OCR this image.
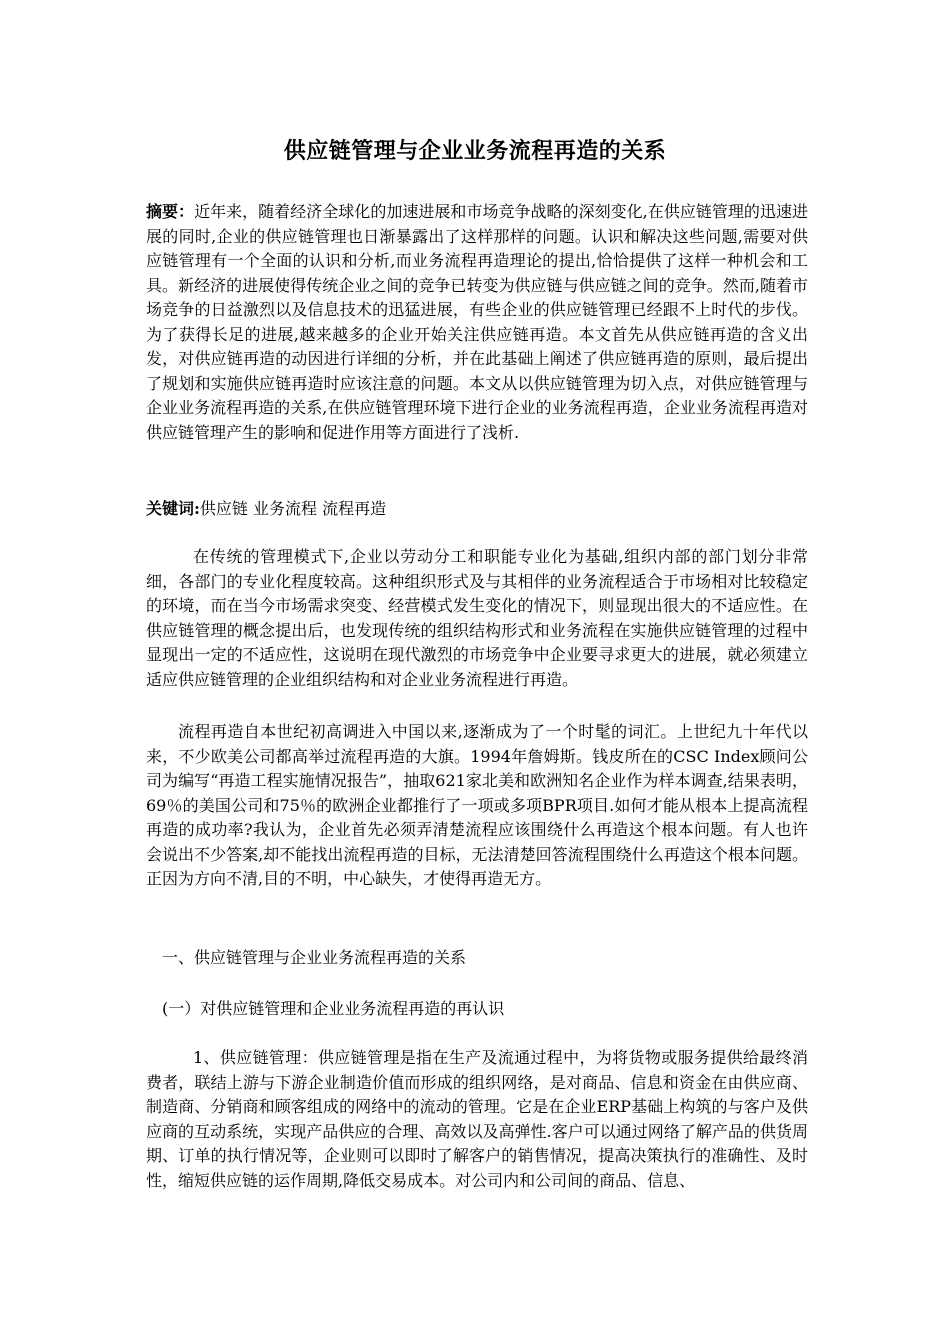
供应链管理与企业业务流程再造的关系
摘要：近年来，随着经济全球化的加速进展和市场竞争战略的深刻变化,在供应链管理的迅速进展的同时,企业的供应链管理也日渐暴露出了这样那样的问题。认识和解决这些问题,需要对供应链管理有一个全面的认识和分析,而业务流程再造理论的提出,恰恰提供了这样一种机会和工具。新经济的进展使得传统企业之间的竞争已转变为供应链与供应链之间的竞争。然而,随着市场竞争的日益激烈以及信息技术的迅猛进展，有些企业的供应链管理已经跟不上时代的步伐。为了获得长足的进展,越来越多的企业开始关注供应链再造。本文首先从供应链再造的含义出发，对供应链再造的动因进行详细的分析，并在此基础上阐述了供应链再造的原则，最后提出了规划和实施供应链再造时应该注意的问题。本文从以供应链管理为切入点，对供应链管理与企业业务流程再造的关系,在供应链管理环境下进行企业的业务流程再造，企业业务流程再造对供应链管理产生的影响和促进作用等方面进行了浅析.
关键词:供应链 业务流程 流程再造
在传统的管理模式下,企业以劳动分工和职能专业化为基础,组织内部的部门划分非常细，各部门的专业化程度较高。这种组织形式及与其相伴的业务流程适合于市场相对比较稳定的环境，而在当今市场需求突变、经营模式发生变化的情况下，则显现出很大的不适应性。在供应链管理的概念提出后，也发现传统的组织结构形式和业务流程在实施供应链管理的过程中显现出一定的不适应性，这说明在现代激烈的市场竞争中企业要寻求更大的进展，就必须建立适应供应链管理的企业组织结构和对企业业务流程进行再造。
流程再造自本世纪初高调进入中国以来,逐渐成为了一个时髦的词汇。上世纪九十年代以来，不少欧美公司都高举过流程再造的大旗。1994年詹姆斯。钱皮所在的CSC Index顾问公司为编写“再造工程实施情况报告”，抽取621家北美和欧洲知名企业作为样本调查,结果表明，69％的美国公司和75％的欧洲企业都推行了一项或多项BPR项目.如何才能从根本上提高流程再造的成功率?我认为，企业首先必须弄清楚流程应该围绕什么再造这个根本问题。有人也许会说出不少答案,却不能找出流程再造的目标，无法清楚回答流程围绕什么再造这个根本问题。正因为方向不清,目的不明，中心缺失，才使得再造无方。
一、供应链管理与企业业务流程再造的关系
(一）对供应链管理和企业业务流程再造的再认识
1、供应链管理：供应链管理是指在生产及流通过程中，为将货物或服务提供给最终消费者，联结上游与下游企业制造价值而形成的组织网络，是对商品、信息和资金在由供应商、制造商、分销商和顾客组成的网络中的流动的管理。它是在企业ERP基础上构筑的与客户及供应商的互动系统，实现产品供应的合理、高效以及高弹性.客户可以通过网络了解产品的供货周期、订单的执行情况等，企业则可以即时了解客户的销售情况，提高决策执行的准确性、及时性，缩短供应链的运作周期,降低交易成本。对公司内和公司间的商品、信息、
